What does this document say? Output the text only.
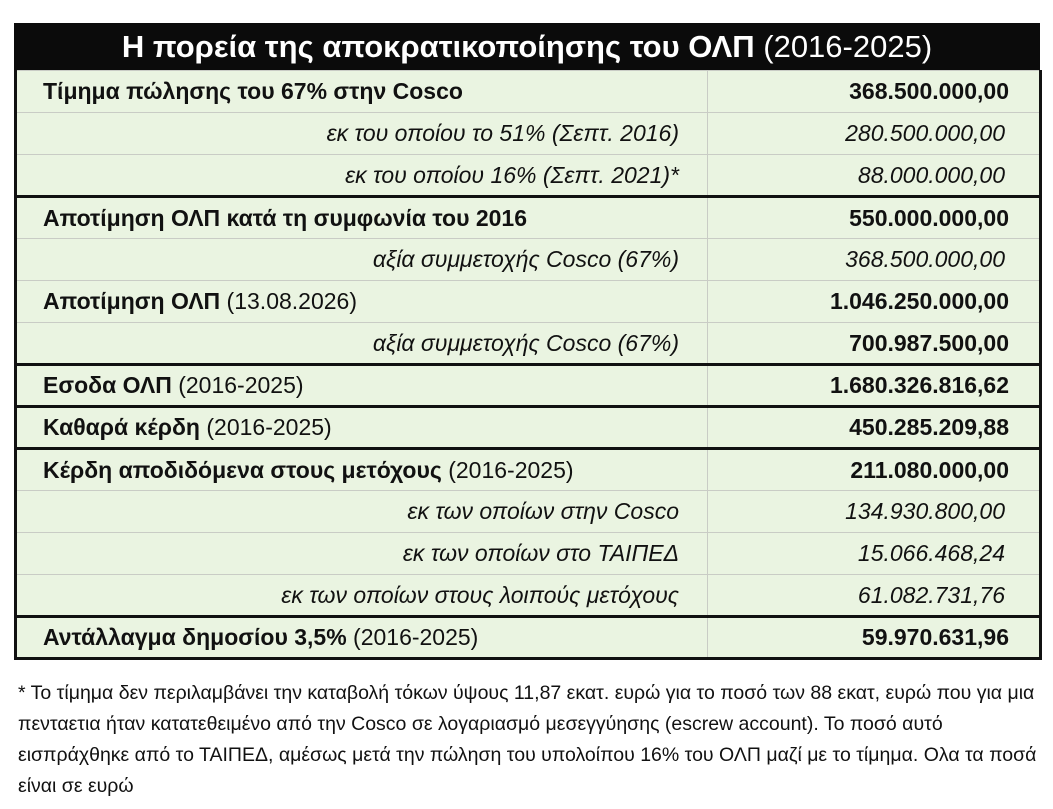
Η πορεία της αποκρατικοποίησης του ΟΛΠ (2016-2025)
Τίμημα πώλησης του 67% στην Cosco	368.500.000,00
εκ του οποίου το 51% (Σεπτ. 2016)	280.500.000,00
εκ του οποίου 16% (Σεπτ. 2021)*	88.000.000,00
Αποτίμηση ΟΛΠ κατά τη συμφωνία του 2016	550.000.000,00
αξία συμμετοχής Cosco (67%)	368.500.000,00
Αποτίμηση ΟΛΠ (13.08.2026)	1.046.250.000,00
αξία συμμετοχής Cosco (67%)	700.987.500,00
Εσοδα ΟΛΠ (2016-2025)	1.680.326.816,62
Καθαρά κέρδη (2016-2025)	450.285.209,88
Κέρδη αποδιδόμενα στους μετόχους (2016-2025)	211.080.000,00
εκ των οποίων στην Cosco	134.930.800,00
εκ των οποίων στο ΤΑΙΠΕΔ	15.066.468,24
εκ των οποίων στους λοιπούς μετόχους	61.082.731,76
Αντάλλαγμα δημοσίου 3,5% (2016-2025)	59.970.631,96
* Το τίμημα δεν περιλαμβάνει την καταβολή τόκων ύψους 11,87 εκατ. ευρώ για το ποσό των 88 εκατ, ευρώ που για μια πενταετια ήταν κατατεθειμένο από την Cosco σε λογαριασμό μεσεγγύησης (escrew account). Το ποσό αυτό εισπράχθηκε από το ΤΑΙΠΕΔ, αμέσως μετά την πώληση του υπολοίπου 16% του ΟΛΠ μαζί με το τίμημα. Ολα τα ποσά είναι σε ευρώ
